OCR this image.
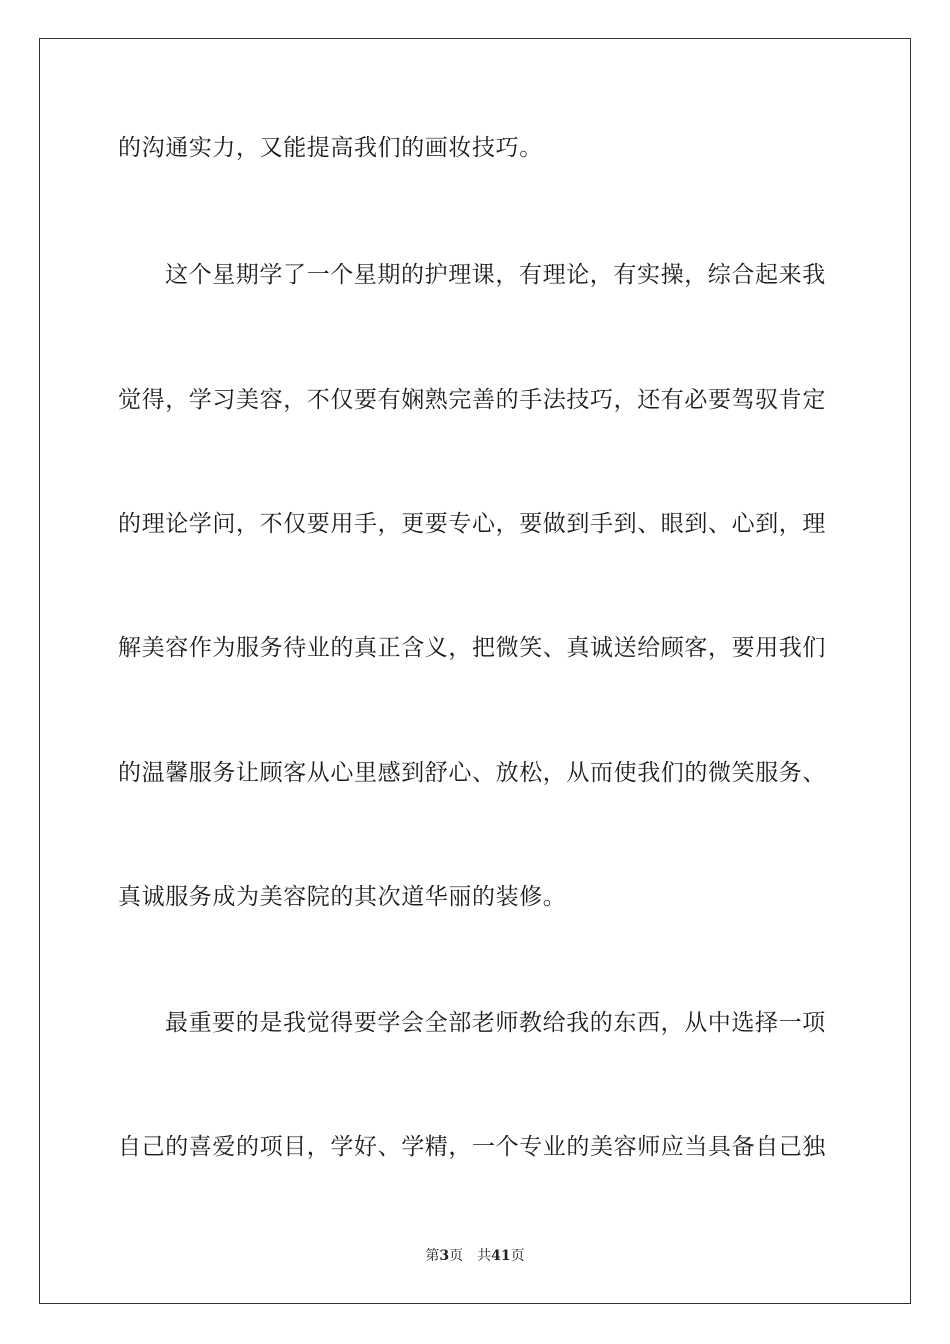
的沟通实力，又能提高我们的画妆技巧。
这个星期学了一个星期的护理课，有理论，有实操，综合起来我
觉得，学习美容，不仅要有娴熟完善的手法技巧，还有必要驾驭肯定
的理论学问，不仅要用手，更要专心，要做到手到、眼到、心到，理
解美容作为服务待业的真正含义，把微笑、真诚送给顾客，要用我们
的温馨服务让顾客从心里感到舒心、放松，从而使我们的微笑服务、
真诚服务成为美容院的其次道华丽的装修。
最重要的是我觉得要学会全部老师教给我的东西，从中选择一项
自己的喜爱的项目，学好、学精，一个专业的美容师应当具备自己独
第3页 共41页
